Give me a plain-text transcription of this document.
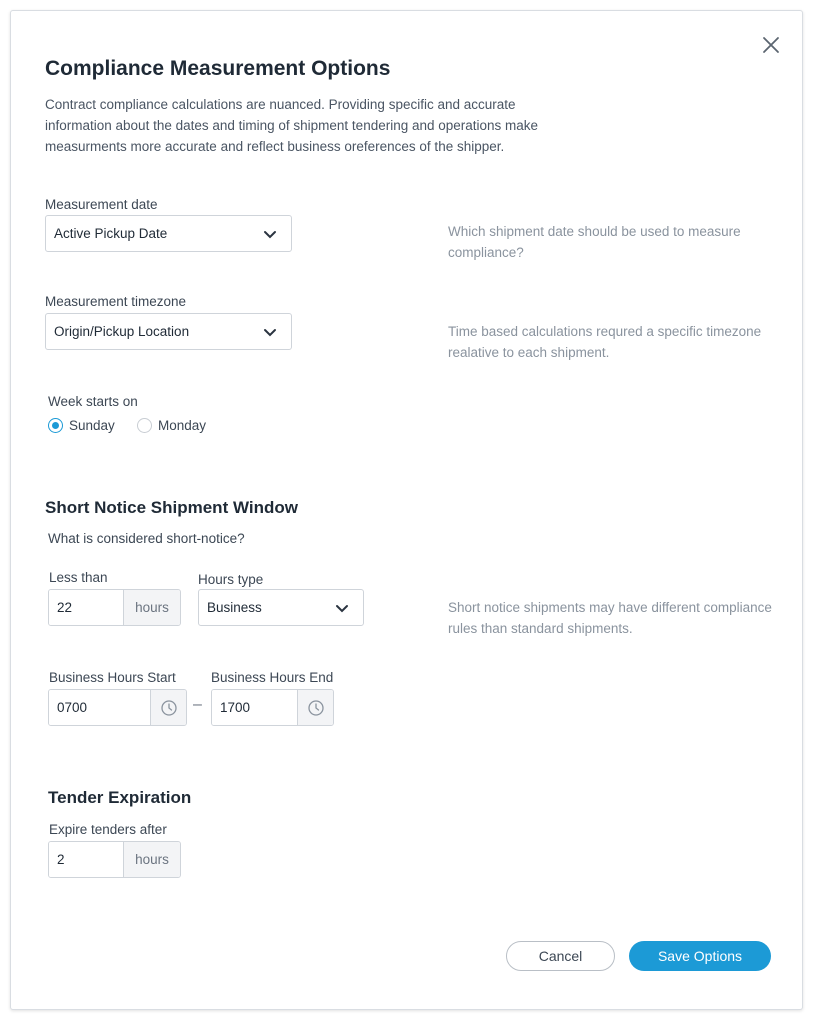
Compliance Measurement Options
Contract compliance calculations are nuanced. Providing specific and accurate information about the dates and timing of shipment tendering and operations make measurments more accurate and reflect business oreferences of the shipper.
Measurement date
Active Pickup Date	Which shipment date should be used to measure compliance?
Measurement timezone
Origin/Pickup Location	Time based calculations requred a specific timezone realative to each shipment.
Week starts on
Sunday	Monday
Short Notice Shipment Window
What is considered short-notice?
Less than
22
hours
Hours type
Business	Short notice shipments may have different compliance rules than standard shipments.
Business Hours Start
0700
–
Business Hours End
1700
Tender Expiration
Expire tenders after
2
hours
Cancel	Save Options
